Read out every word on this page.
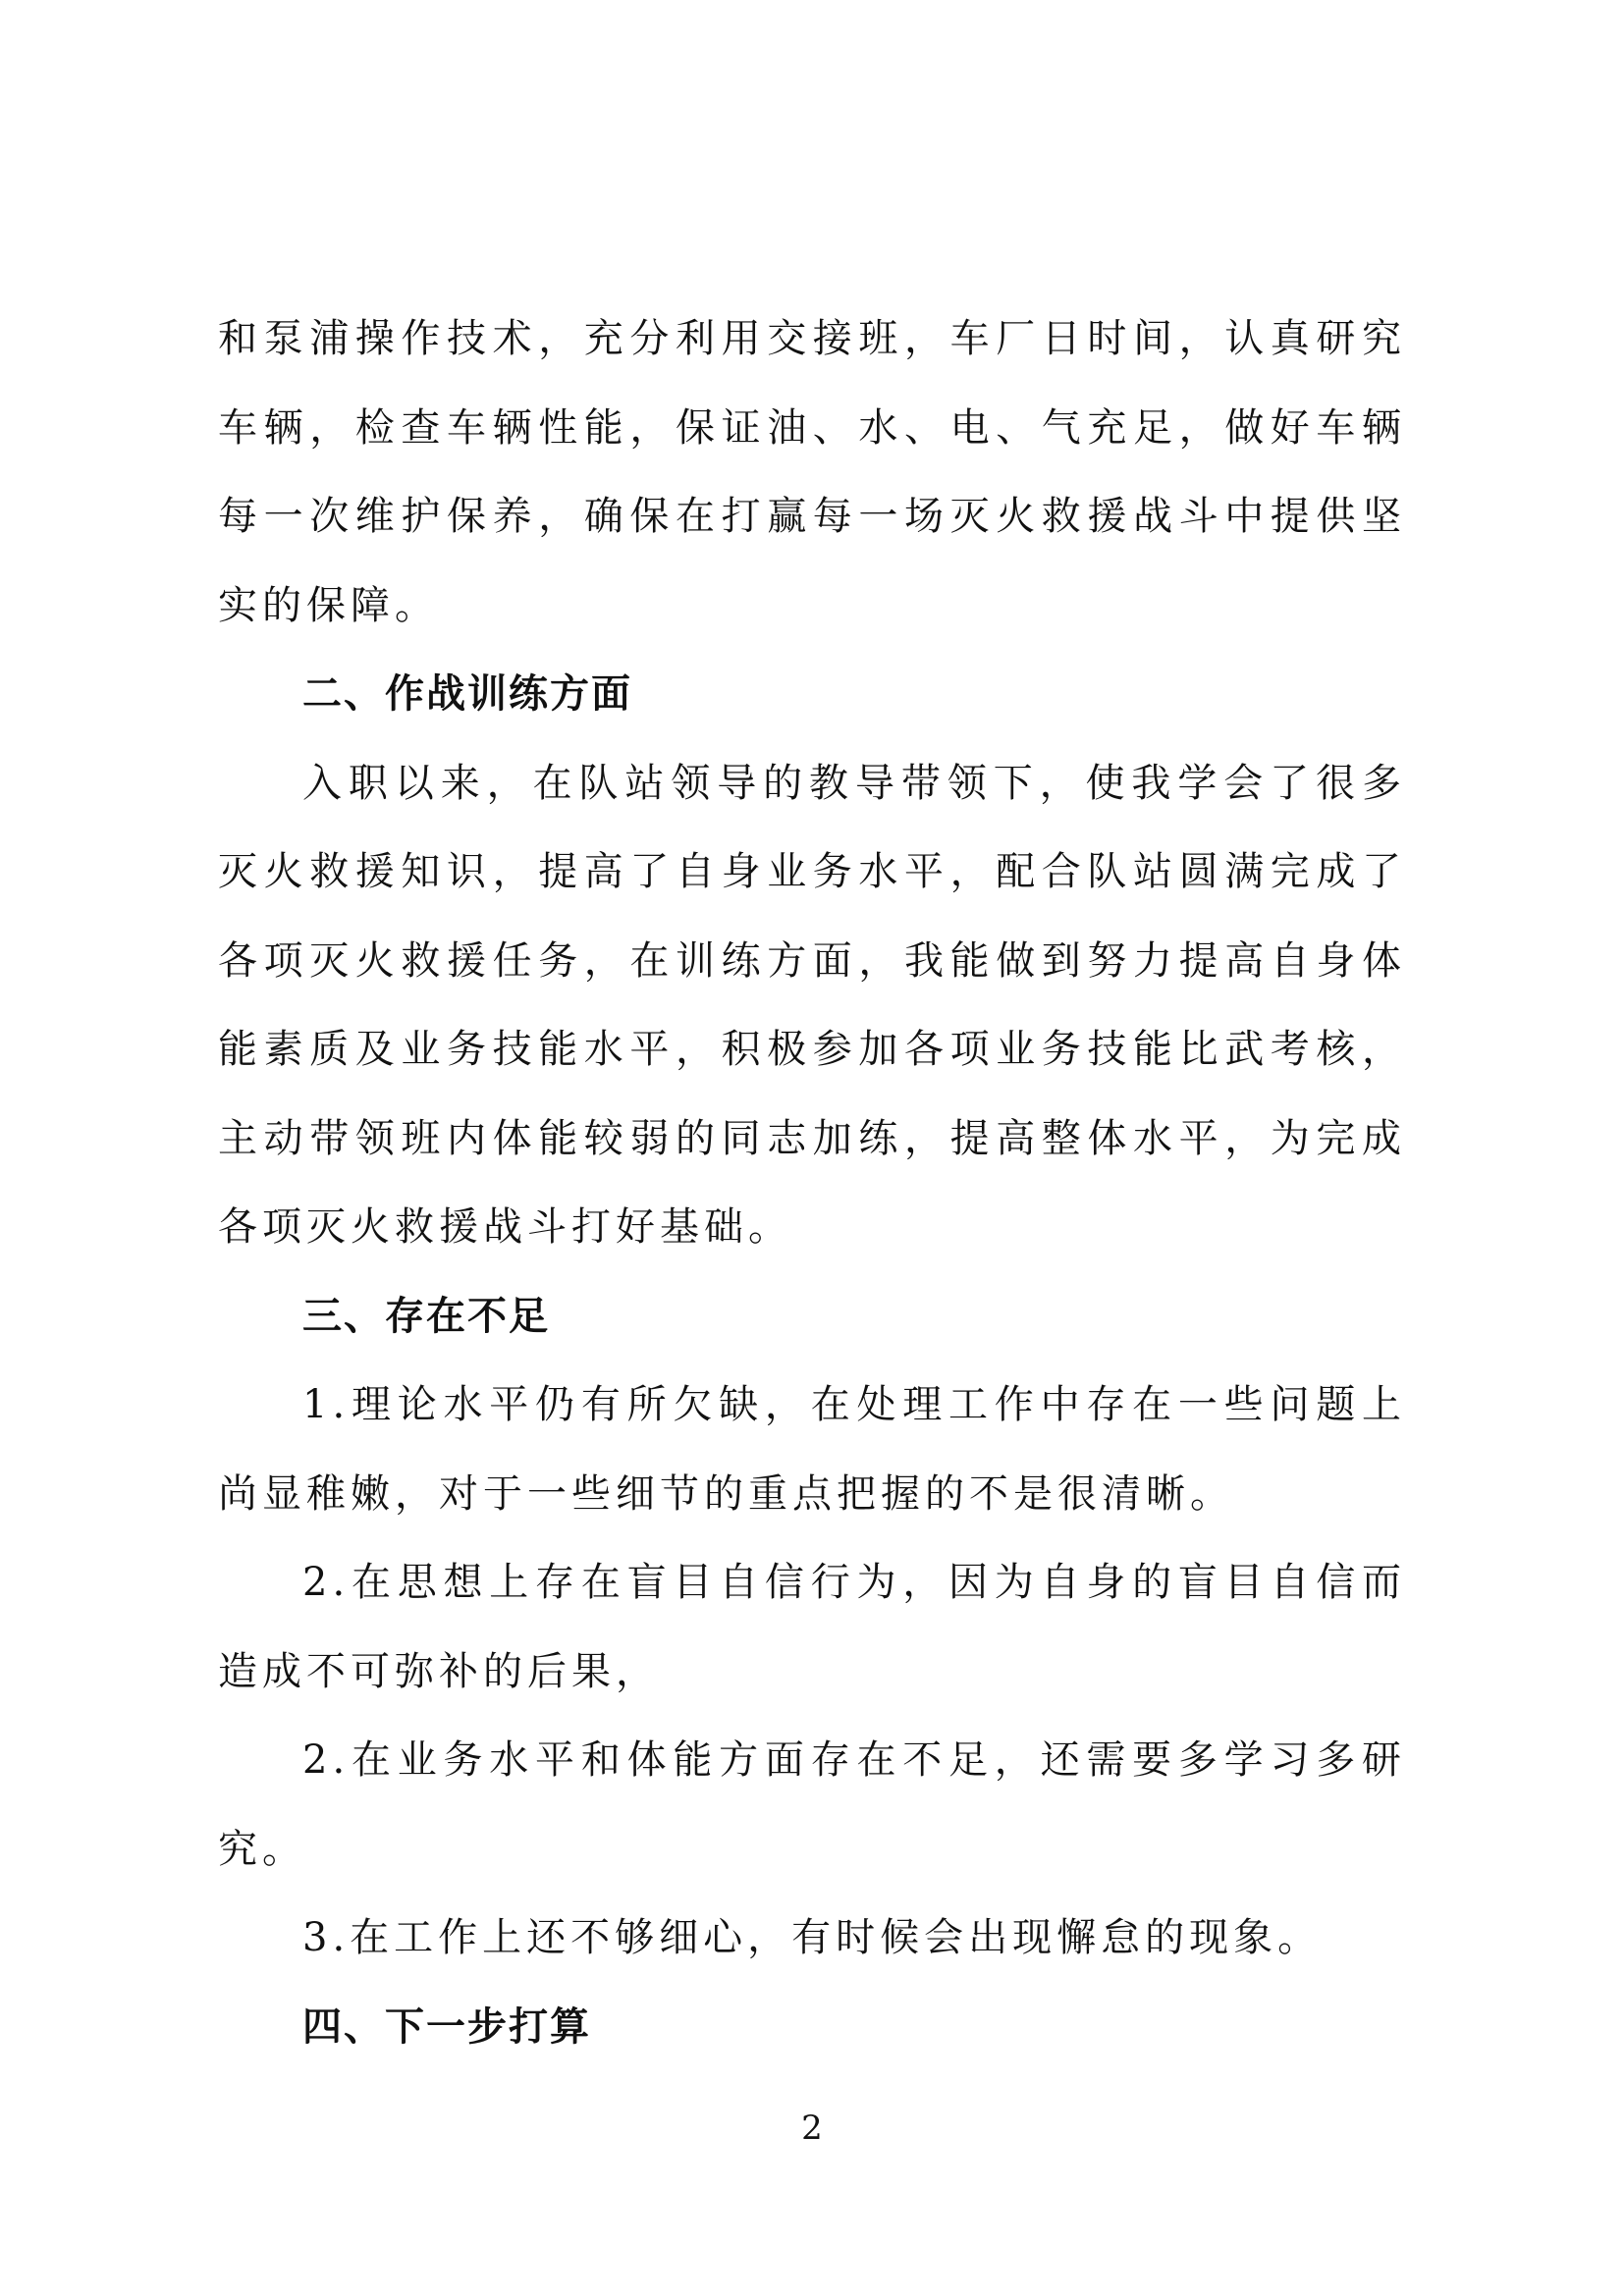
和泵浦操作技术，充分利用交接班，车厂日时间，认真研究车辆，检查车辆性能，保证油、水、电、气充足，做好车辆每一次维护保养，确保在打赢每一场灭火救援战斗中提供坚实的保障。

二、作战训练方面

入职以来，在队站领导的教导带领下，使我学会了很多灭火救援知识，提高了自身业务水平，配合队站圆满完成了各项灭火救援任务，在训练方面，我能做到努力提高自身体能素质及业务技能水平，积极参加各项业务技能比武考核，主动带领班内体能较弱的同志加练，提高整体水平，为完成各项灭火救援战斗打好基础。

三、存在不足

1.理论水平仍有所欠缺，在处理工作中存在一些问题上尚显稚嫩，对于一些细节的重点把握的不是很清晰。

2.在思想上存在盲目自信行为，因为自身的盲目自信而造成不可弥补的后果，

2.在业务水平和体能方面存在不足，还需要多学习多研究。

3.在工作上还不够细心，有时候会出现懈怠的现象。

四、下一步打算
2
